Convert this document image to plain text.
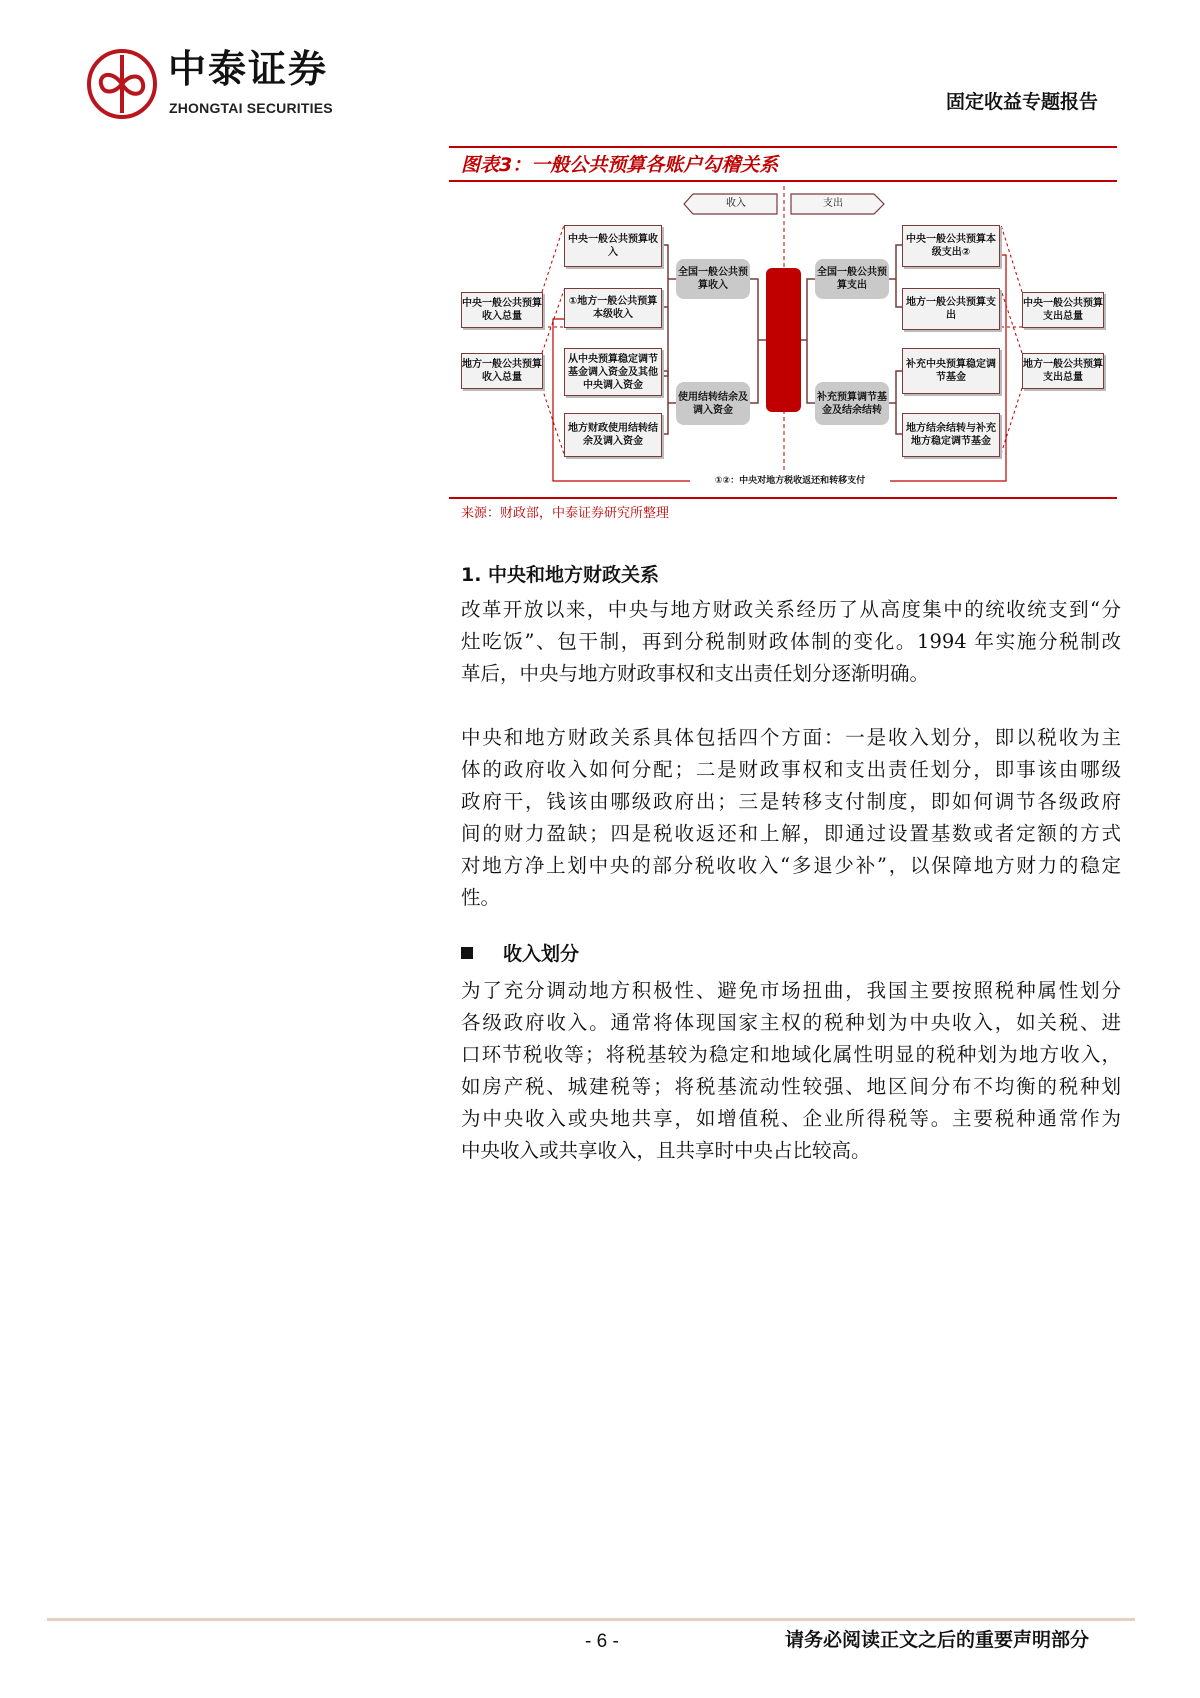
中泰证券
ZHONGTAI SECURITIES	固定收益专题报告
图表3：一般公共预算各账户勾稽关系
收入	支出
中央一般公共预算收入总量
地方一般公共预算收入总量
中央一般公共预算收入
①地方一般公共预算本级收入
从中央预算稳定调节基金调入资金及其他中央调入资金
地方财政使用结转结余及调入资金
全国一般公共预算收入
使用结转结余及调入资金
全国一般公共预算支出
补充预算调节基金及结余结转
中央一般公共预算本级支出②
地方一般公共预算支出
补充中央预算稳定调节基金
地方结余结转与补充地方稳定调节基金
中央一般公共预算支出总量
地方一般公共预算支出总量
①②：中央对地方税收返还和转移支付
来源：财政部，中泰证券研究所整理
1. 中央和地方财政关系
改革开放以来，中央与地方财政关系经历了从高度集中的统收统支到“分
灶吃饭”、包干制，再到分税制财政体制的变化。1994 年实施分税制改
革后，中央与地方财政事权和支出责任划分逐渐明确。
中央和地方财政关系具体包括四个方面：一是收入划分，即以税收为主
体的政府收入如何分配；二是财政事权和支出责任划分，即事该由哪级
政府干，钱该由哪级政府出；三是转移支付制度，即如何调节各级政府
间的财力盈缺；四是税收返还和上解，即通过设置基数或者定额的方式
对地方净上划中央的部分税收收入“多退少补”，以保障地方财力的稳定
性。
收入划分
为了充分调动地方积极性、避免市场扭曲，我国主要按照税种属性划分
各级政府收入。通常将体现国家主权的税种划为中央收入，如关税、进
口环节税收等；将税基较为稳定和地域化属性明显的税种划为地方收入，
如房产税、城建税等；将税基流动性较强、地区间分布不均衡的税种划
为中央收入或央地共享，如增值税、企业所得税等。主要税种通常作为
中央收入或共享收入，且共享时中央占比较高。
- 6 -	请务必阅读正文之后的重要声明部分
